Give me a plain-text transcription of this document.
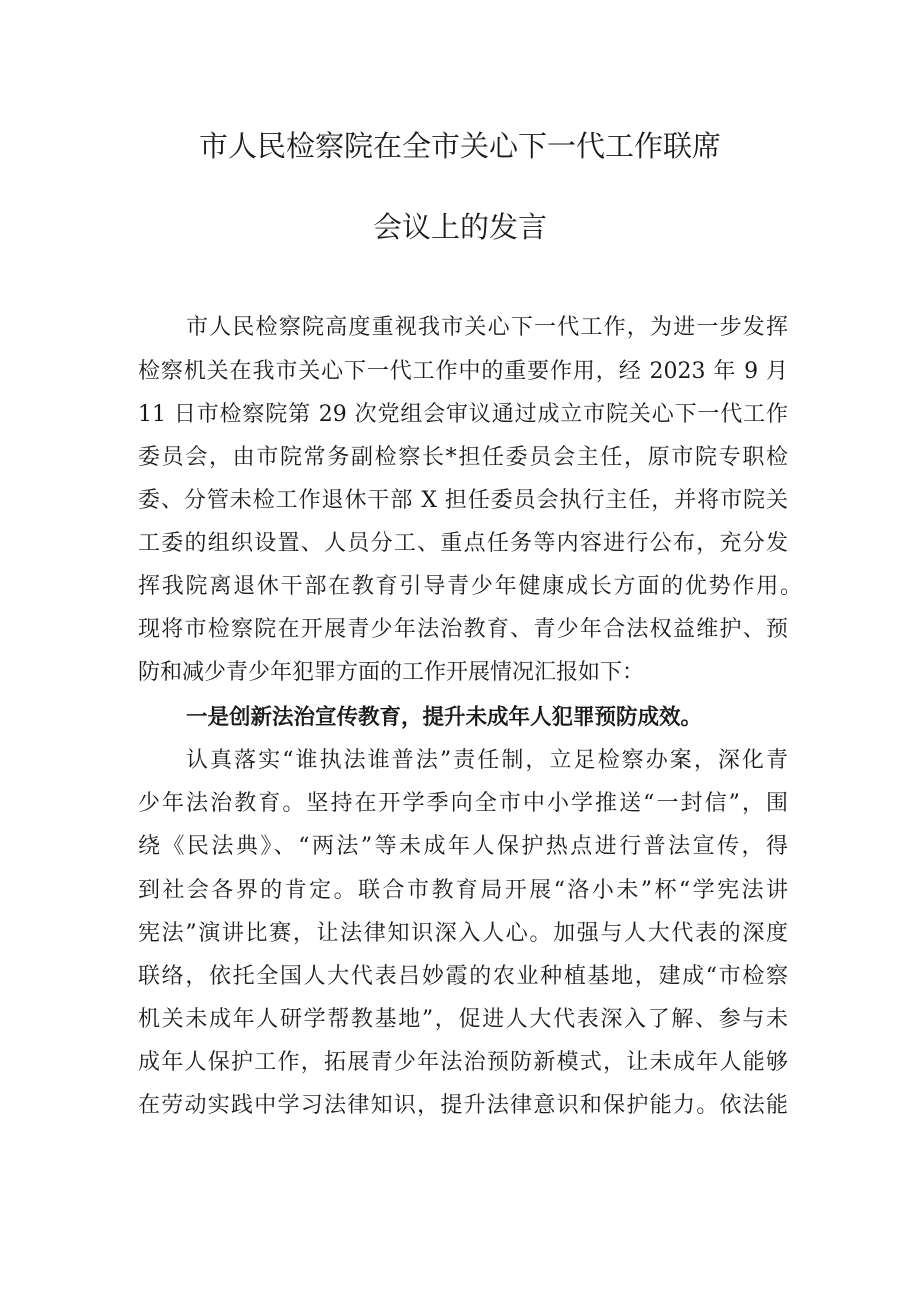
市人民检察院在全市关心下一代工作联席
会议上的发言

市人民检察院高度重视我市关心下一代工作，为进一步发挥

检察机关在我市关心下一代工作中的重要作用，经 2023 年 9 月

11 日市检察院第 29 次党组会审议通过成立市院关心下一代工作

委员会，由市院常务副检察长*担任委员会主任，原市院专职检

委、分管未检工作退休干部 X 担任委员会执行主任，并将市院关

工委的组织设置、人员分工、重点任务等内容进行公布，充分发

挥我院离退休干部在教育引导青少年健康成长方面的优势作用。

现将市检察院在开展青少年法治教育、青少年合法权益维护、预

防和减少青少年犯罪方面的工作开展情况汇报如下：

一是创新法治宣传教育，提升未成年人犯罪预防成效。

认真落实“谁执法谁普法”责任制，立足检察办案，深化青

少年法治教育。坚持在开学季向全市中小学推送“一封信”，围

绕《民法典》、“两法”等未成年人保护热点进行普法宣传，得

到社会各界的肯定。联合市教育局开展“洛小未”杯“学宪法讲

宪法”演讲比赛，让法律知识深入人心。加强与人大代表的深度

联络，依托全国人大代表吕妙霞的农业种植基地，建成“市检察

机关未成年人研学帮教基地”，促进人大代表深入了解、参与未

成年人保护工作，拓展青少年法治预防新模式，让未成年人能够

在劳动实践中学习法律知识，提升法律意识和保护能力。依法能
